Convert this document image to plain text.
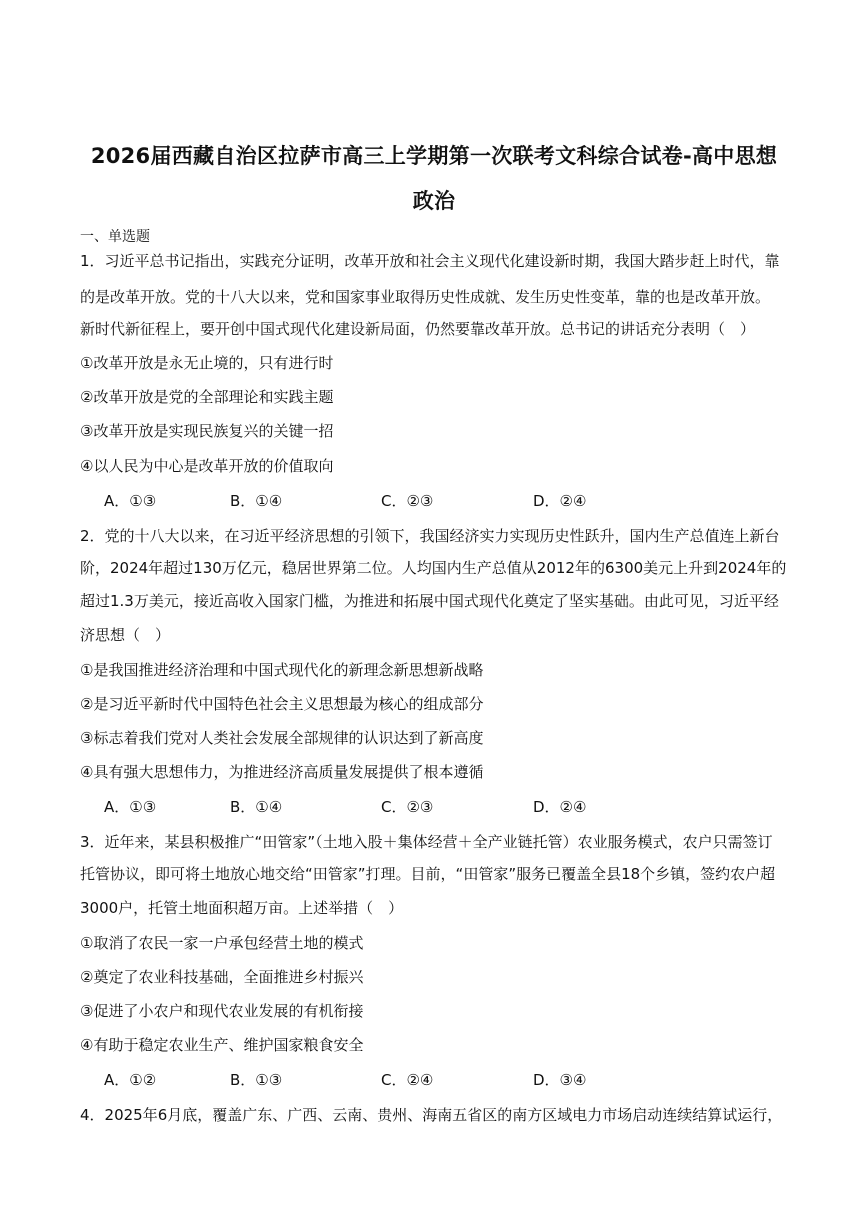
2026届西藏自治区拉萨市高三上学期第一次联考文科综合试卷-高中思想
政治
一、单选题
1．习近平总书记指出，实践充分证明，改革开放和社会主义现代化建设新时期，我国大踏步赶上时代，靠
的是改革开放。党的十八大以来，党和国家事业取得历史性成就、发生历史性变革，靠的也是改革开放。
新时代新征程上，要开创中国式现代化建设新局面，仍然要靠改革开放。总书记的讲话充分表明（　）
①改革开放是永无止境的，只有进行时
②改革开放是党的全部理论和实践主题
③改革开放是实现民族复兴的关键一招
④以人民为中心是改革开放的价值取向
A．①③	B．①④	C．②③	D．②④
2．党的十八大以来，在习近平经济思想的引领下，我国经济实力实现历史性跃升，国内生产总值连上新台
阶，2024年超过130万亿元，稳居世界第二位。人均国内生产总值从2012年的6300美元上升到2024年的
超过1.3万美元，接近高收入国家门槛，为推进和拓展中国式现代化奠定了坚实基础。由此可见，习近平经
济思想（　）
①是我国推进经济治理和中国式现代化的新理念新思想新战略
②是习近平新时代中国特色社会主义思想最为核心的组成部分
③标志着我们党对人类社会发展全部规律的认识达到了新高度
④具有强大思想伟力，为推进经济高质量发展提供了根本遵循
A．①③	B．①④	C．②③	D．②④
3．近年来，某县积极推广“田管家”（土地入股＋集体经营＋全产业链托管）农业服务模式，农户只需签订
托管协议，即可将土地放心地交给“田管家”打理。目前，“田管家”服务已覆盖全县18个乡镇，签约农户超
3000户，托管土地面积超万亩。上述举措（　）
①取消了农民一家一户承包经营土地的模式
②奠定了农业科技基础，全面推进乡村振兴
③促进了小农户和现代农业发展的有机衔接
④有助于稳定农业生产、维护国家粮食安全
A．①②	B．①③	C．②④	D．③④
4．2025年6月底，覆盖广东、广西、云南、贵州、海南五省区的南方区域电力市场启动连续结算试运行，
